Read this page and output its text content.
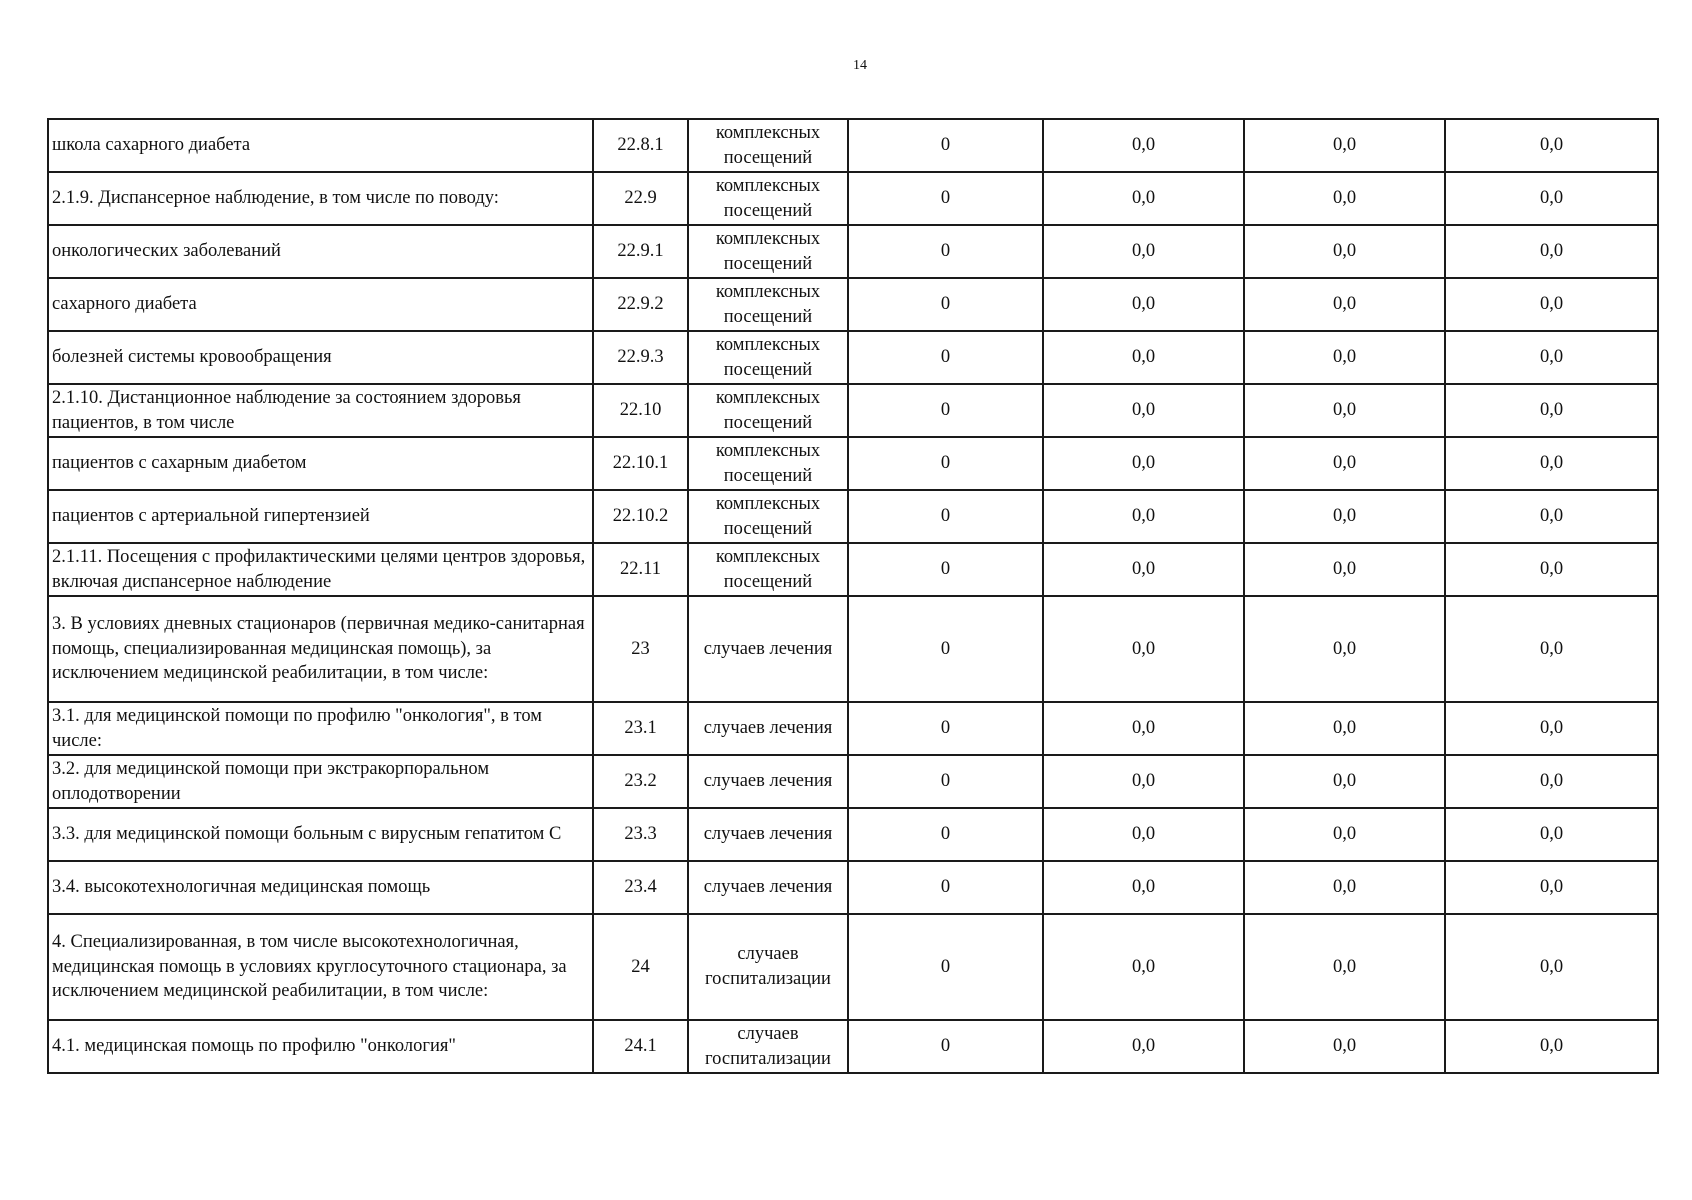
14
школа сахарного диабета	22.8.1	комплексных посещений	0	0,0	0,0	0,0
2.1.9. Диспансерное наблюдение, в том числе по поводу:	22.9	комплексных посещений	0	0,0	0,0	0,0
онкологических заболеваний	22.9.1	комплексных посещений	0	0,0	0,0	0,0
сахарного диабета	22.9.2	комплексных посещений	0	0,0	0,0	0,0
болезней системы кровообращения	22.9.3	комплексных посещений	0	0,0	0,0	0,0
2.1.10. Дистанционное наблюдение за состоянием здоровья пациентов, в том числе	22.10	комплексных посещений	0	0,0	0,0	0,0
пациентов с сахарным диабетом	22.10.1	комплексных посещений	0	0,0	0,0	0,0
пациентов с артериальной гипертензией	22.10.2	комплексных посещений	0	0,0	0,0	0,0
2.1.11. Посещения с профилактическими целями центров здоровья, включая диспансерное наблюдение	22.11	комплексных посещений	0	0,0	0,0	0,0
3. В условиях дневных стационаров (первичная медико-санитарная помощь, специализированная медицинская помощь), за исключением медицинской реабилитации, в том числе:	23	случаев лечения	0	0,0	0,0	0,0
3.1. для медицинской помощи по профилю "онкология", в том числе:	23.1	случаев лечения	0	0,0	0,0	0,0
3.2. для медицинской помощи при экстракорпоральном оплодотворении	23.2	случаев лечения	0	0,0	0,0	0,0
3.3. для медицинской помощи больным с вирусным гепатитом С	23.3	случаев лечения	0	0,0	0,0	0,0
3.4. высокотехнологичная медицинская помощь	23.4	случаев лечения	0	0,0	0,0	0,0
4. Специализированная, в том числе высокотехнологичная, медицинская помощь в условиях круглосуточного стационара, за исключением медицинской реабилитации, в том числе:	24	случаев госпитализации	0	0,0	0,0	0,0
4.1. медицинская помощь по профилю "онкология"	24.1	случаев госпитализации	0	0,0	0,0	0,0
